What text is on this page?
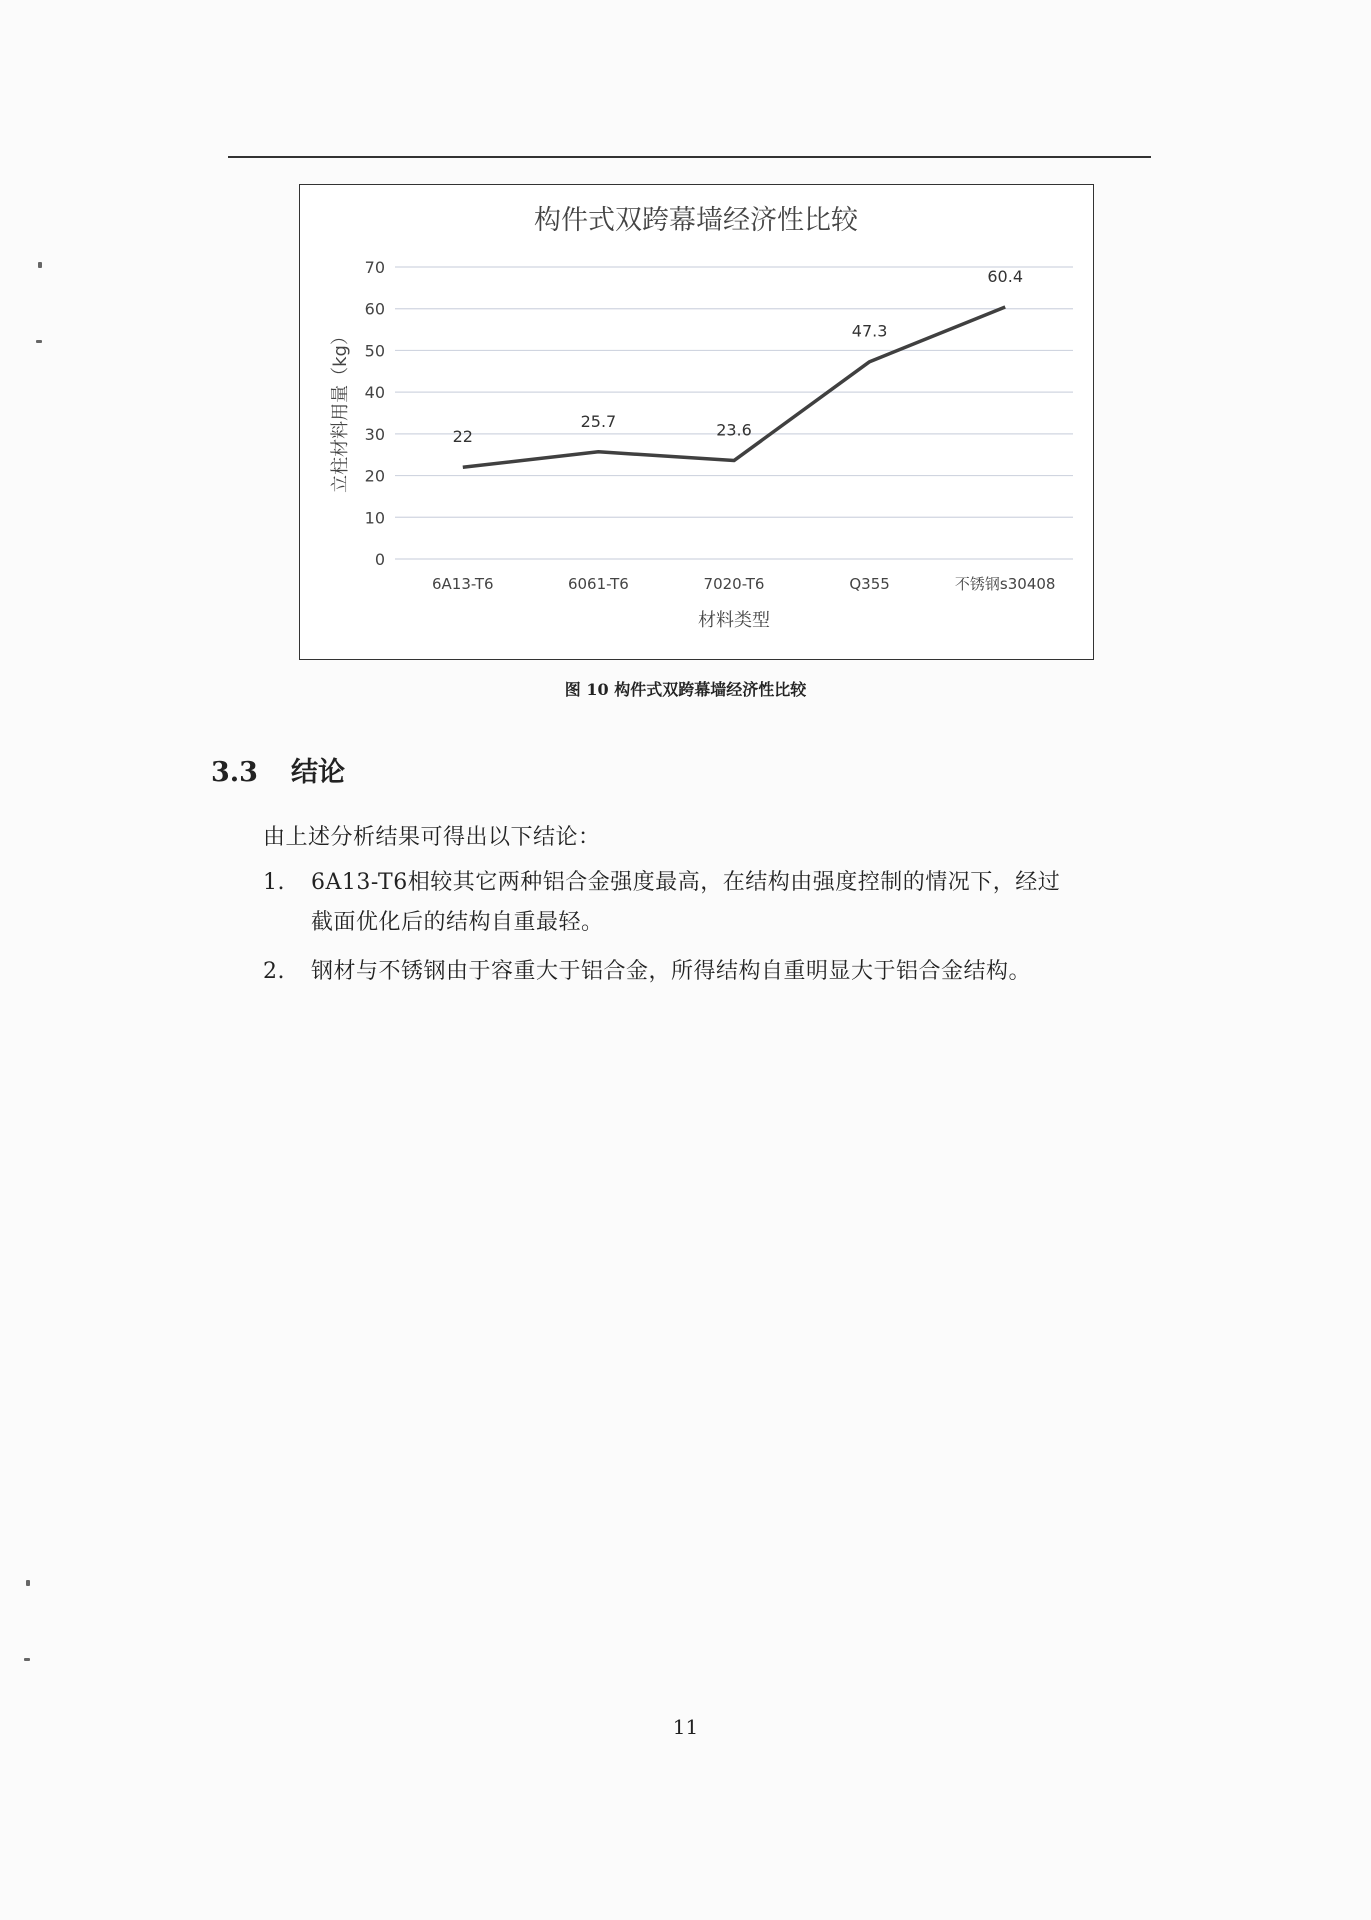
构件式双跨幕墙经济性比较
0
10
20
30
40
50
60
70
6A13-T6	6061-T6	7020-T6	Q355	不锈钢s30408
22
25.7	23.6
47.3
60.4
立柱材料用量（kg）
材料类型
图 10 构件式双跨幕墙经济性比较
3.3 结论
由上述分析结果可得出以下结论：
1.	6A13-T6相较其它两种铝合金强度最高，在结构由强度控制的情况下，经过
截面优化后的结构自重最轻。
2.	钢材与不锈钢由于容重大于铝合金，所得结构自重明显大于铝合金结构。
11
